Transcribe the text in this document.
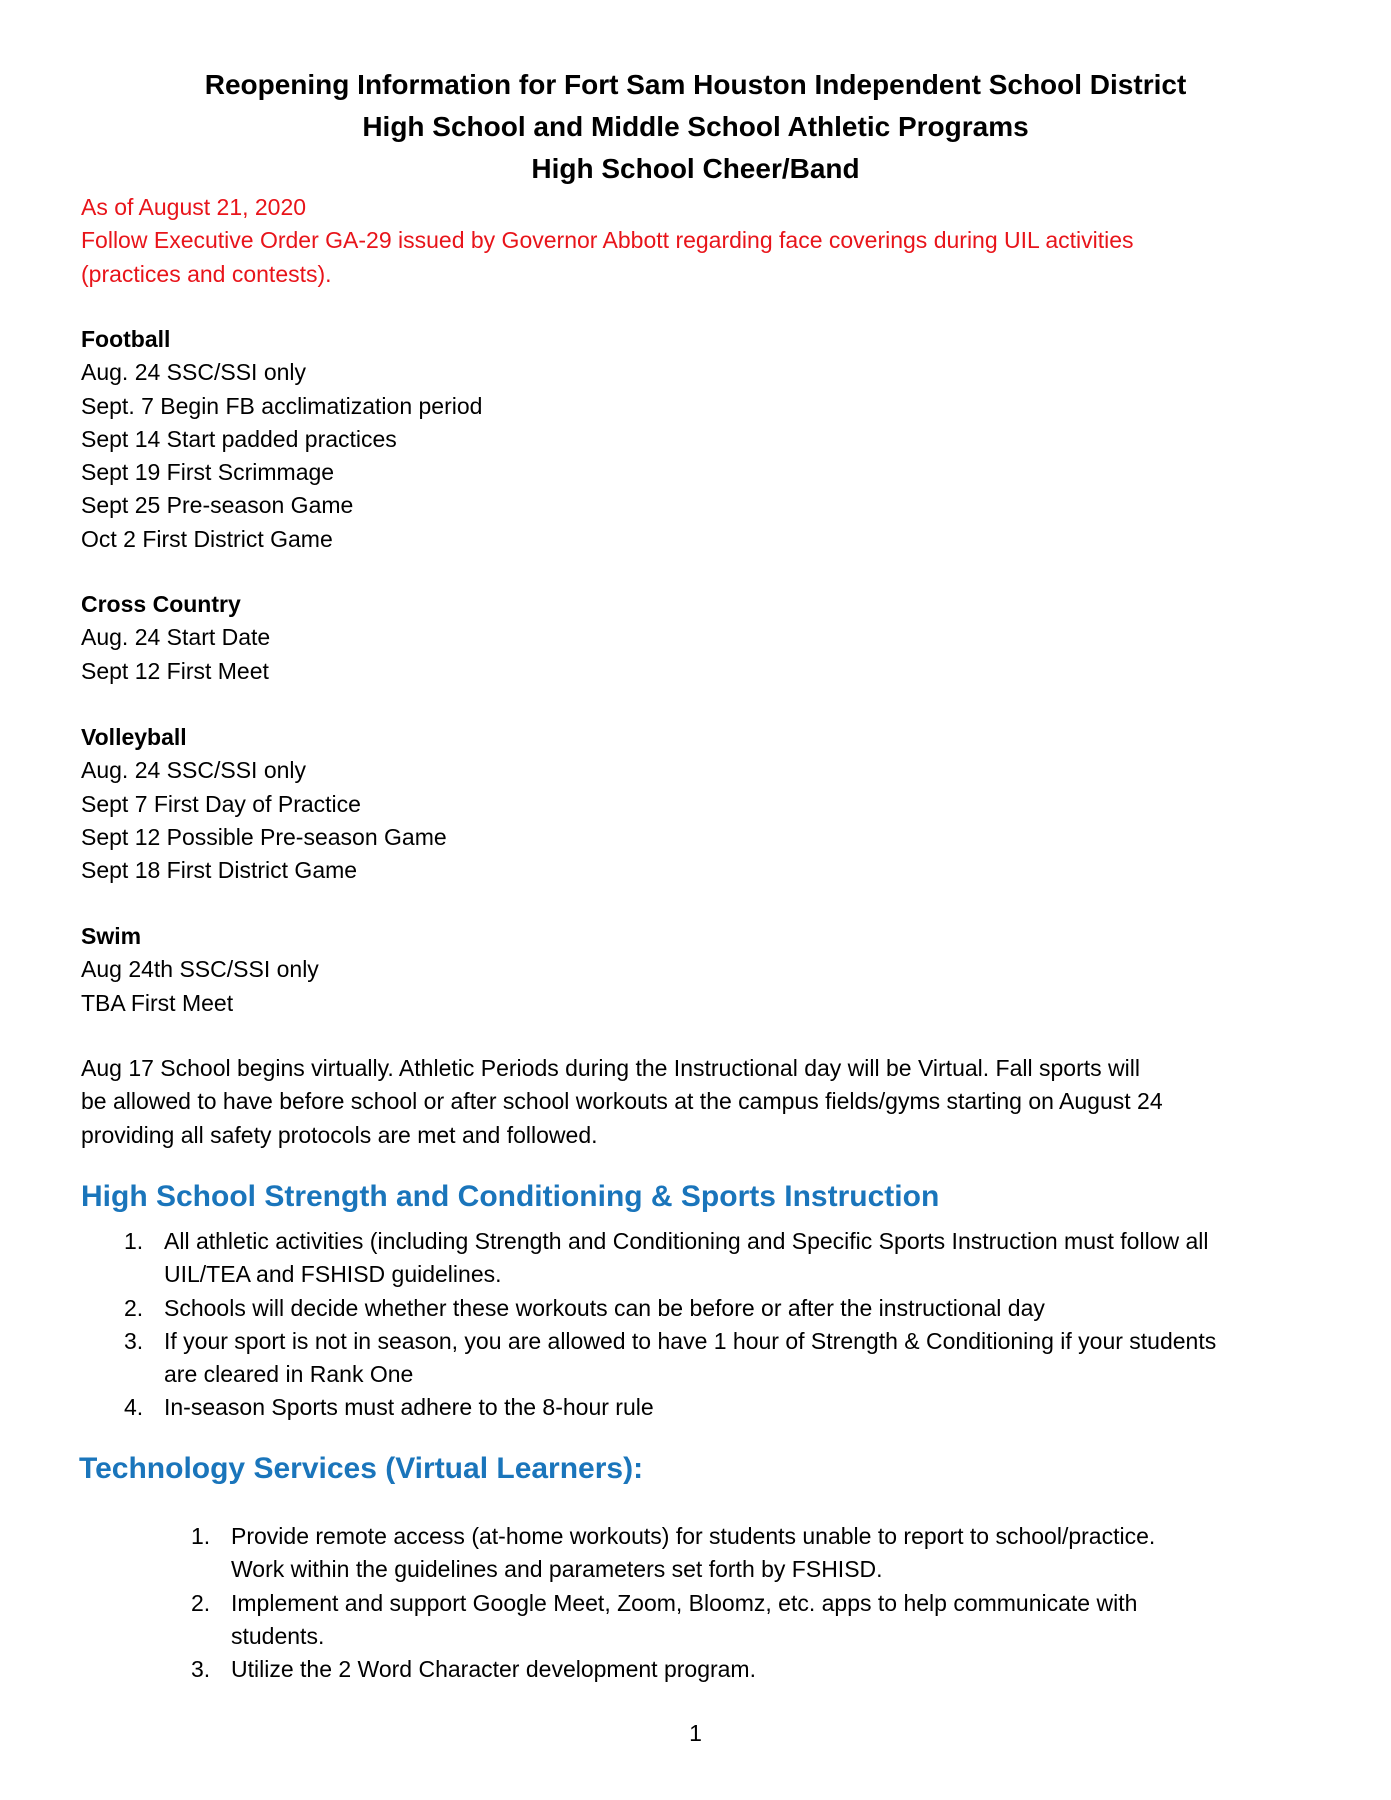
Reopening Information for Fort Sam Houston Independent School District
High School and Middle School Athletic Programs
High School Cheer/Band
As of August 21, 2020
Follow Executive Order GA-29 issued by Governor Abbott regarding face coverings during UIL activities
(practices and contests).
Football
Aug. 24 SSC/SSI only
Sept. 7 Begin FB acclimatization period
Sept 14 Start padded practices
Sept 19 First Scrimmage
Sept 25 Pre-season Game
Oct 2 First District Game
Cross Country
Aug. 24 Start Date
Sept 12 First Meet
Volleyball
Aug. 24 SSC/SSI only
Sept 7 First Day of Practice
Sept 12 Possible Pre-season Game
Sept 18 First District Game
Swim
Aug 24th SSC/SSI only
TBA First Meet
Aug 17 School begins virtually. Athletic Periods during the Instructional day will be Virtual. Fall sports will
be allowed to have before school or after school workouts at the campus fields/gyms starting on August 24
providing all safety protocols are met and followed.
High School Strength and Conditioning & Sports Instruction
1. All athletic activities (including Strength and Conditioning and Specific Sports Instruction must follow all
UIL/TEA and FSHISD guidelines.
2. Schools will decide whether these workouts can be before or after the instructional day
3. If your sport is not in season, you are allowed to have 1 hour of Strength & Conditioning if your students
are cleared in Rank One
4. In-season Sports must adhere to the 8-hour rule
Technology Services (Virtual Learners):
1. Provide remote access (at-home workouts) for students unable to report to school/practice.
Work within the guidelines and parameters set forth by FSHISD.
2. Implement and support Google Meet, Zoom, Bloomz, etc. apps to help communicate with
students.
3. Utilize the 2 Word Character development program.
1
